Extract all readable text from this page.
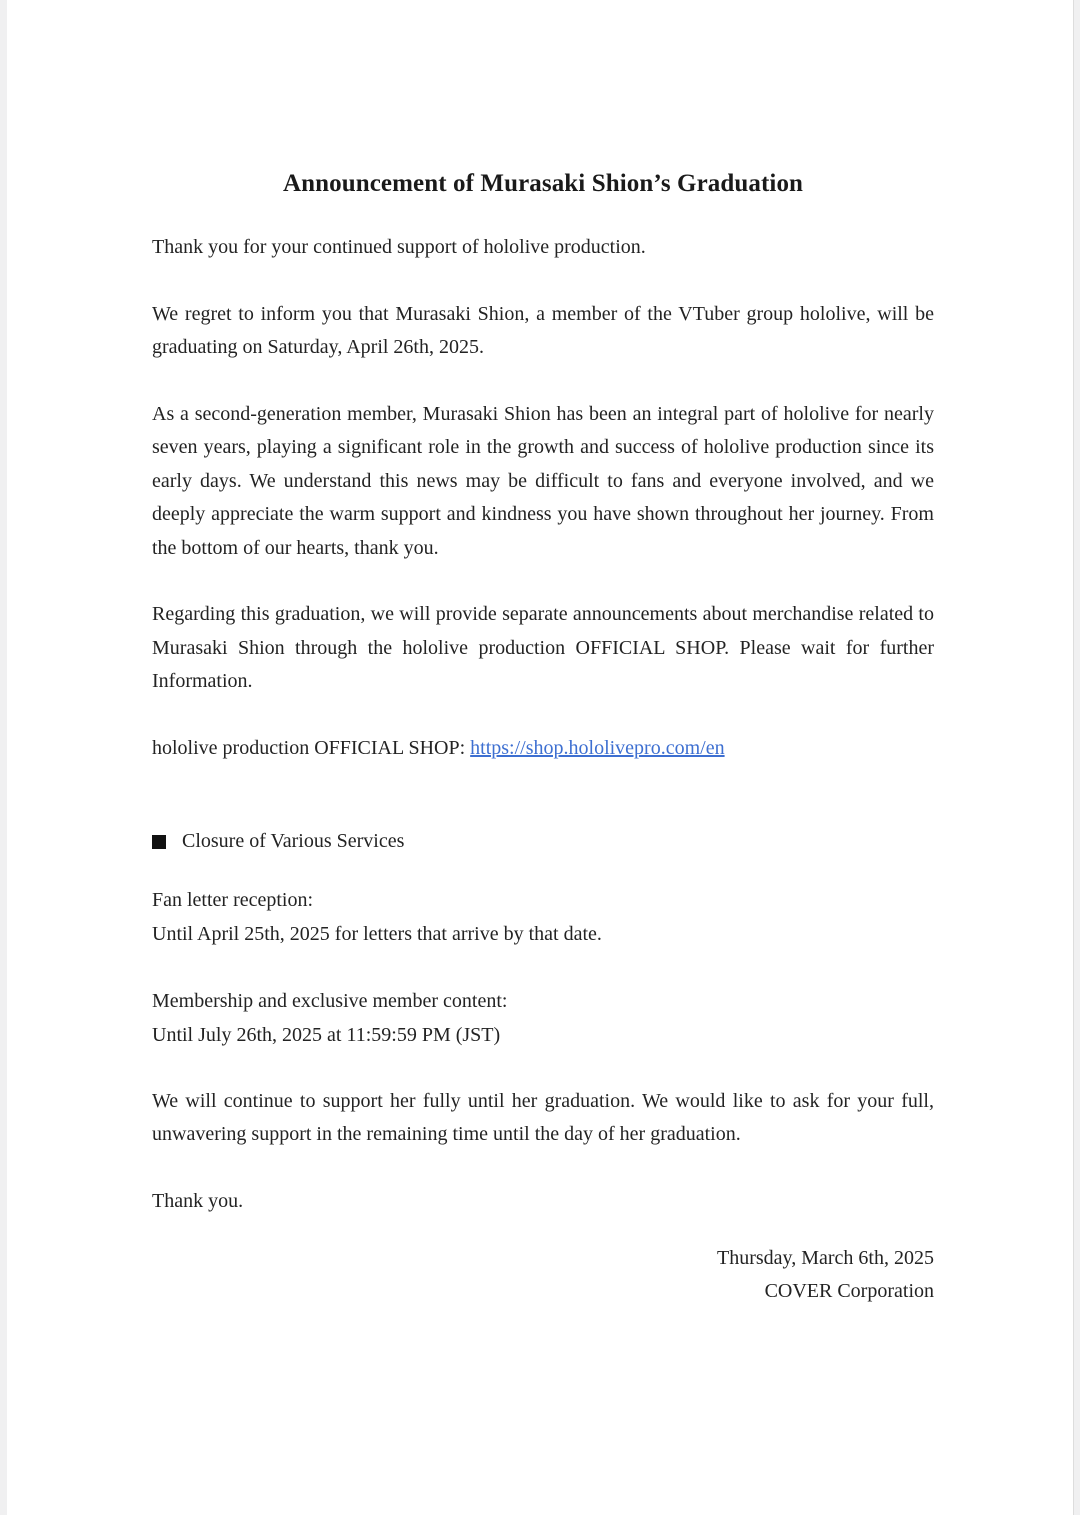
Announcement of Murasaki Shion’s Graduation

Thank you for your continued support of hololive production.

We regret to inform you that Murasaki Shion, a member of the VTuber group hololive, will be graduating on Saturday, April 26th, 2025.

As a second-generation member, Murasaki Shion has been an integral part of hololive for nearly seven years, playing a significant role in the growth and success of hololive production since its early days. We understand this news may be difficult to fans and everyone involved, and we deeply appreciate the warm support and kindness you have shown throughout her journey. From the bottom of our hearts, thank you.

Regarding this graduation, we will provide separate announcements about merchandise related to Murasaki Shion through the hololive production OFFICIAL SHOP. Please wait for further Information.

hololive production OFFICIAL SHOP: https://shop.hololivepro.com/en

Closure of Various Services

Fan letter reception:

Until April 25th, 2025 for letters that arrive by that date.

Membership and exclusive member content:

Until July 26th, 2025 at 11:59:59 PM (JST)

We will continue to support her fully until her graduation. We would like to ask for your full, unwavering support in the remaining time until the day of her graduation.

Thank you.

Thursday, March 6th, 2025
COVER Corporation
